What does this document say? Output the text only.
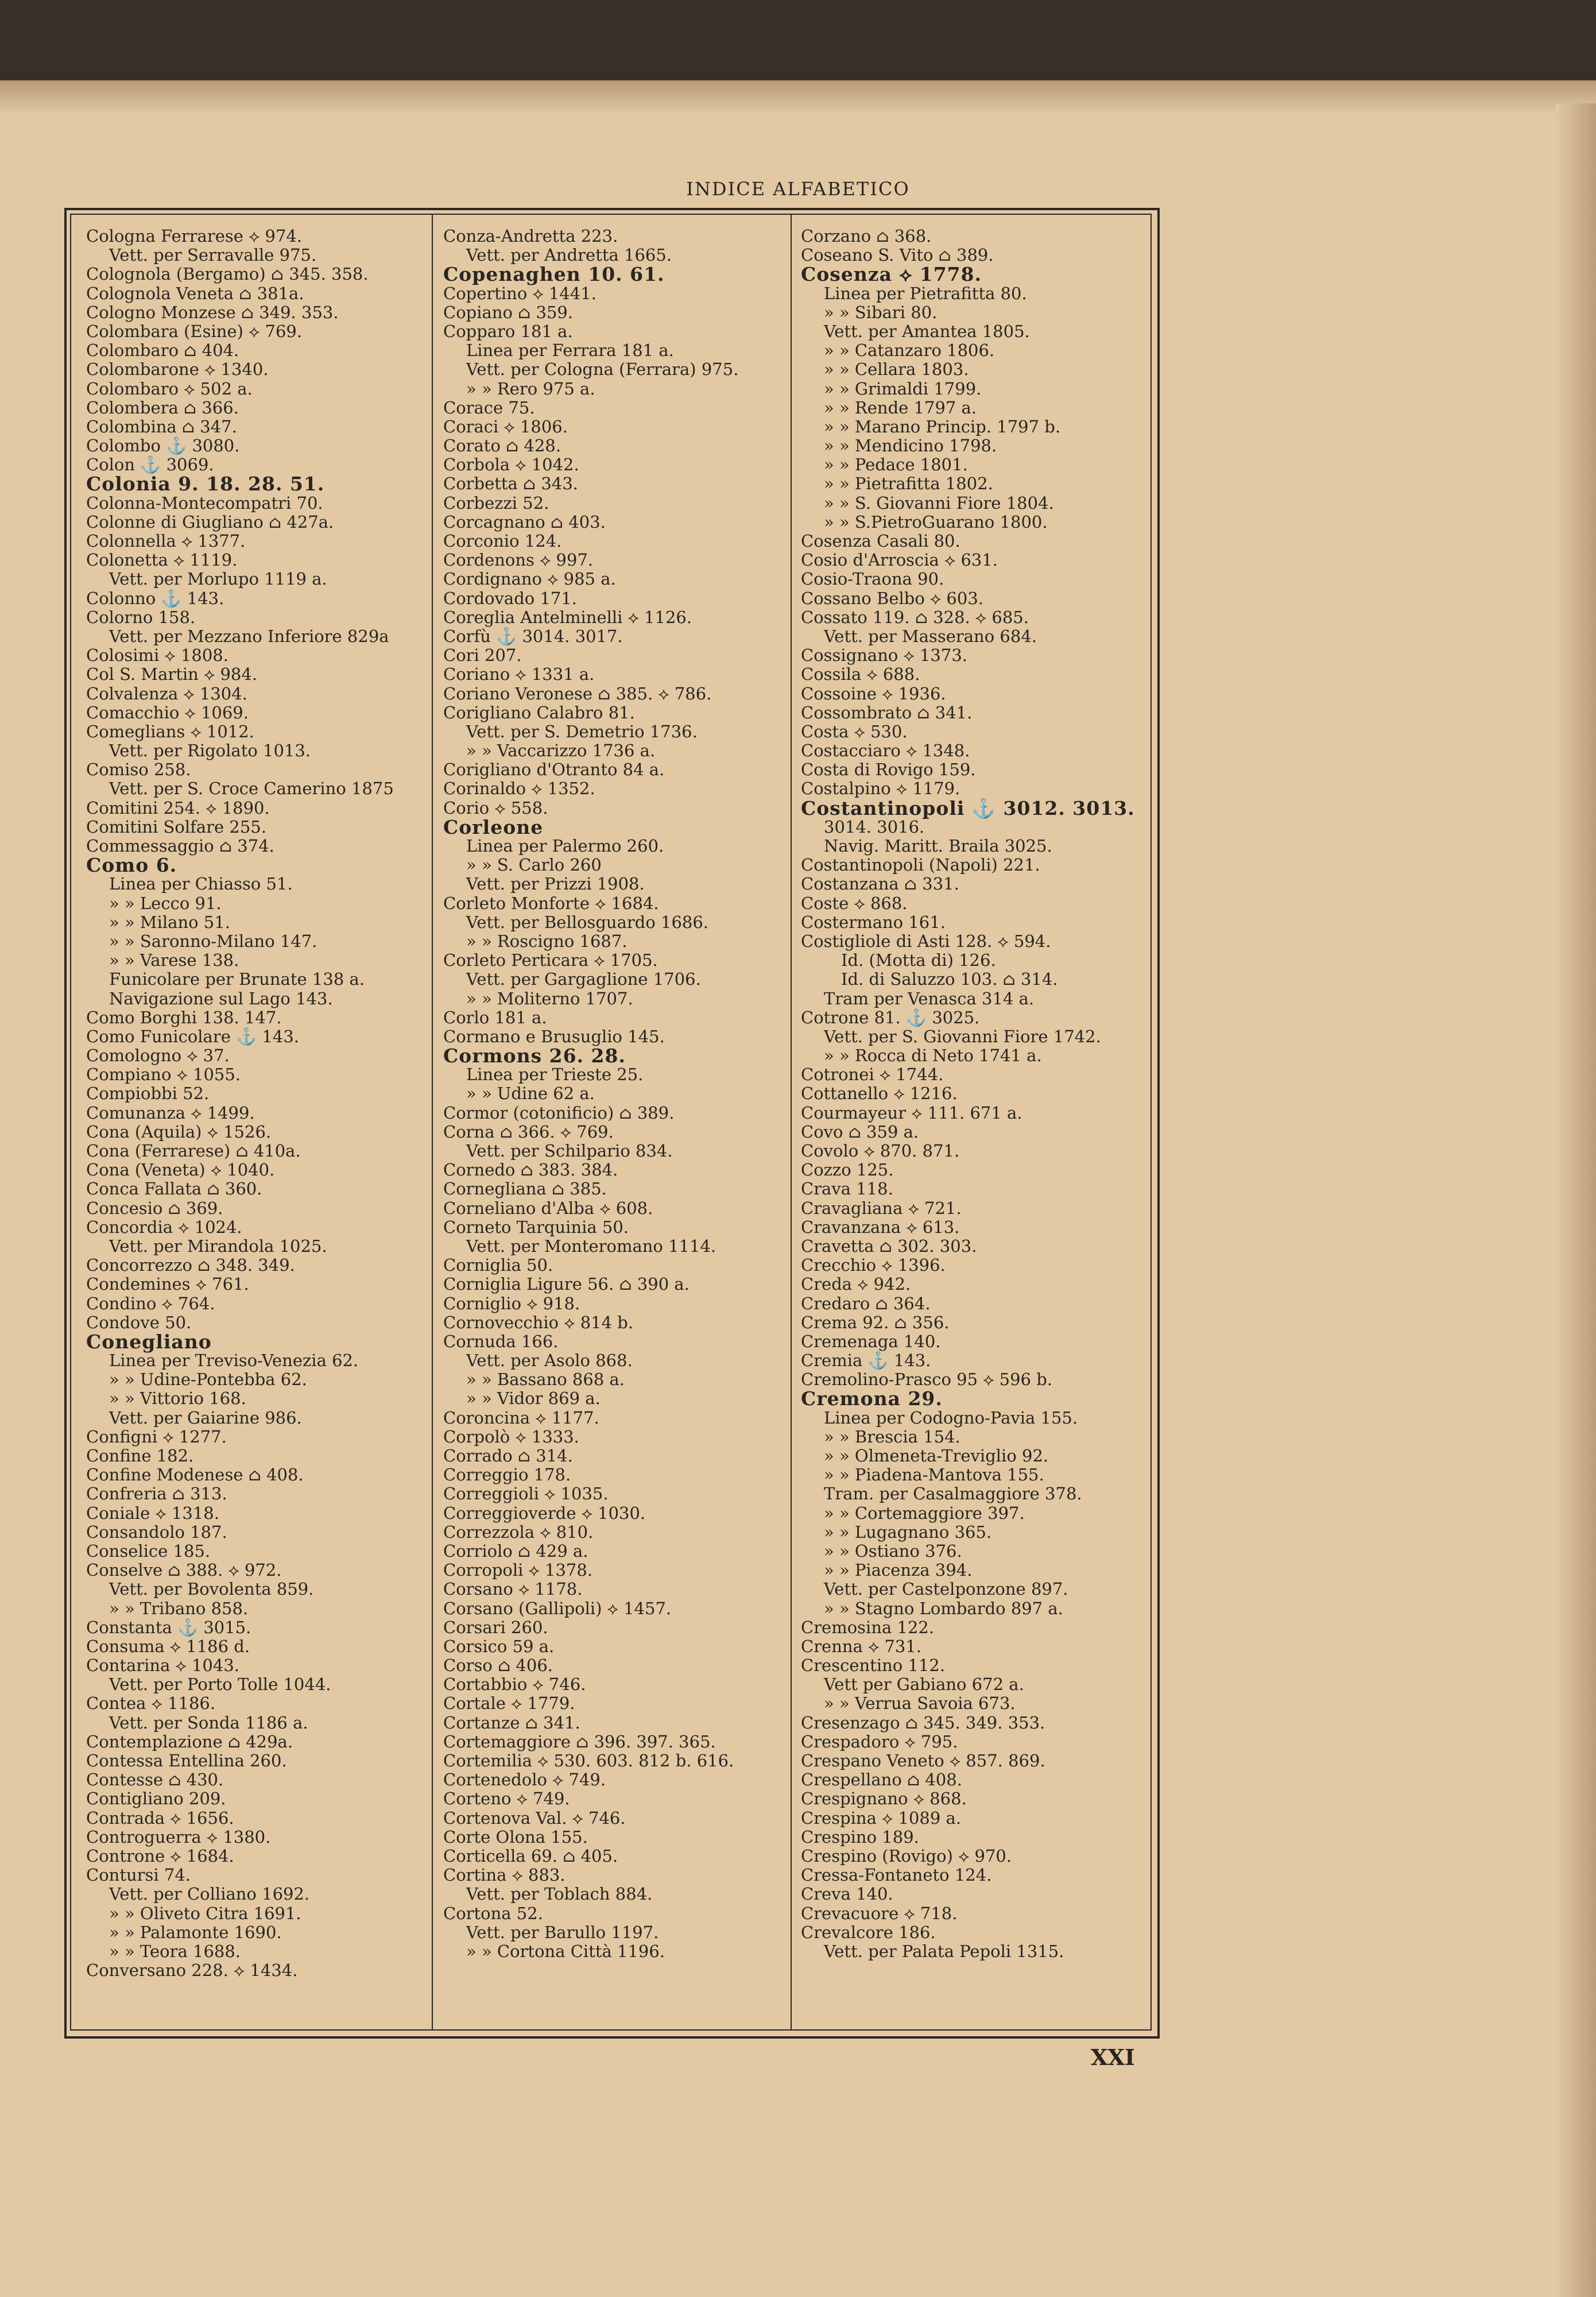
INDICE ALFABETICO
Cologna Ferrarese ⟡ 974.
Vett. per Serravalle 975.
Colognola (Bergamo) ⌂ 345. 358.
Colognola Veneta ⌂ 381a.
Cologno Monzese ⌂ 349. 353.
Colombara (Esine) ⟡ 769.
Colombaro ⌂ 404.
Colombarone ⟡ 1340.
Colombaro ⟡ 502 a.
Colombera ⌂ 366.
Colombina ⌂ 347.
Colombo ⚓ 3080.
Colon ⚓ 3069.
Colonia 9. 18. 28. 51.
Colonna-Montecompatri 70.
Colonne di Giugliano ⌂ 427a.
Colonnella ⟡ 1377.
Colonetta ⟡ 1119.
Vett. per Morlupo 1119 a.
Colonno ⚓ 143.
Colorno 158.
Vett. per Mezzano Inferiore 829a
Colosimi ⟡ 1808.
Col S. Martin ⟡ 984.
Colvalenza ⟡ 1304.
Comacchio ⟡ 1069.
Comeglians ⟡ 1012.
Vett. per Rigolato 1013.
Comiso 258.
Vett. per S. Croce Camerino 1875
Comitini 254. ⟡ 1890.
Comitini Solfare 255.
Commessaggio ⌂ 374.
Como 6.
Linea per Chiasso 51.
» » Lecco 91.
» » Milano 51.
» » Saronno-Milano 147.
» » Varese 138.
Funicolare per Brunate 138 a.
Navigazione sul Lago 143.
Como Borghi 138. 147.
Como Funicolare ⚓ 143.
Comologno ⟡ 37.
Compiano ⟡ 1055.
Compiobbi 52.
Comunanza ⟡ 1499.
Cona (Aquila) ⟡ 1526.
Cona (Ferrarese) ⌂ 410a.
Cona (Veneta) ⟡ 1040.
Conca Fallata ⌂ 360.
Concesio ⌂ 369.
Concordia ⟡ 1024.
Vett. per Mirandola 1025.
Concorrezzo ⌂ 348. 349.
Condemines ⟡ 761.
Condino ⟡ 764.
Condove 50.
Conegliano
Linea per Treviso-Venezia 62.
» » Udine-Pontebba 62.
» » Vittorio 168.
Vett. per Gaiarine 986.
Configni ⟡ 1277.
Confine 182.
Confine Modenese ⌂ 408.
Confreria ⌂ 313.
Coniale ⟡ 1318.
Consandolo 187.
Conselice 185.
Conselve ⌂ 388. ⟡ 972.
Vett. per Bovolenta 859.
» » Tribano 858.
Constanta ⚓ 3015.
Consuma ⟡ 1186 d.
Contarina ⟡ 1043.
Vett. per Porto Tolle 1044.
Contea ⟡ 1186.
Vett. per Sonda 1186 a.
Contemplazione ⌂ 429a.
Contessa Entellina 260.
Contesse ⌂ 430.
Contigliano 209.
Contrada ⟡ 1656.
Controguerra ⟡ 1380.
Controne ⟡ 1684.
Contursi 74.
Vett. per Colliano 1692.
» » Oliveto Citra 1691.
» » Palamonte 1690.
» » Teora 1688.
Conversano 228. ⟡ 1434.
Conza-Andretta 223.
Vett. per Andretta 1665.
Copenaghen 10. 61.
Copertino ⟡ 1441.
Copiano ⌂ 359.
Copparo 181 a.
Linea per Ferrara 181 a.
Vett. per Cologna (Ferrara) 975.
» » Rero 975 a.
Corace 75.
Coraci ⟡ 1806.
Corato ⌂ 428.
Corbola ⟡ 1042.
Corbetta ⌂ 343.
Corbezzi 52.
Corcagnano ⌂ 403.
Corconio 124.
Cordenons ⟡ 997.
Cordignano ⟡ 985 a.
Cordovado 171.
Coreglia Antelminelli ⟡ 1126.
Corfù ⚓ 3014. 3017.
Cori 207.
Coriano ⟡ 1331 a.
Coriano Veronese ⌂ 385. ⟡ 786.
Corigliano Calabro 81.
Vett. per S. Demetrio 1736.
» » Vaccarizzo 1736 a.
Corigliano d'Otranto 84 a.
Corinaldo ⟡ 1352.
Corio ⟡ 558.
Corleone
Linea per Palermo 260.
» » S. Carlo 260
Vett. per Prizzi 1908.
Corleto Monforte ⟡ 1684.
Vett. per Bellosguardo 1686.
» » Roscigno 1687.
Corleto Perticara ⟡ 1705.
Vett. per Gargaglione 1706.
» » Moliterno 1707.
Corlo 181 a.
Cormano e Brusuglio 145.
Cormons 26. 28.
Linea per Trieste 25.
» » Udine 62 a.
Cormor (cotonificio) ⌂ 389.
Corna ⌂ 366. ⟡ 769.
Vett. per Schilpario 834.
Cornedo ⌂ 383. 384.
Cornegliana ⌂ 385.
Corneliano d'Alba ⟡ 608.
Corneto Tarquinia 50.
Vett. per Monteromano 1114.
Corniglia 50.
Corniglia Ligure 56. ⌂ 390 a.
Corniglio ⟡ 918.
Cornovecchio ⟡ 814 b.
Cornuda 166.
Vett. per Asolo 868.
» » Bassano 868 a.
» » Vidor 869 a.
Coroncina ⟡ 1177.
Corpolò ⟡ 1333.
Corrado ⌂ 314.
Correggio 178.
Correggioli ⟡ 1035.
Correggioverde ⟡ 1030.
Correzzola ⟡ 810.
Corriolo ⌂ 429 a.
Corropoli ⟡ 1378.
Corsano ⟡ 1178.
Corsano (Gallipoli) ⟡ 1457.
Corsari 260.
Corsico 59 a.
Corso ⌂ 406.
Cortabbio ⟡ 746.
Cortale ⟡ 1779.
Cortanze ⌂ 341.
Cortemaggiore ⌂ 396. 397. 365.
Cortemilia ⟡ 530. 603. 812 b. 616.
Cortenedolo ⟡ 749.
Corteno ⟡ 749.
Cortenova Val. ⟡ 746.
Corte Olona 155.
Corticella 69. ⌂ 405.
Cortina ⟡ 883.
Vett. per Toblach 884.
Cortona 52.
Vett. per Barullo 1197.
» » Cortona Città 1196.
Corzano ⌂ 368.
Coseano S. Vito ⌂ 389.
Cosenza ⟡ 1778.
Linea per Pietrafitta 80.
» » Sibari 80.
Vett. per Amantea 1805.
» » Catanzaro 1806.
» » Cellara 1803.
» » Grimaldi 1799.
» » Rende 1797 a.
» » Marano Princip. 1797 b.
» » Mendicino 1798.
» » Pedace 1801.
» » Pietrafitta 1802.
» » S. Giovanni Fiore 1804.
» » S.PietroGuarano 1800.
Cosenza Casali 80.
Cosio d'Arroscia ⟡ 631.
Cosio-Traona 90.
Cossano Belbo ⟡ 603.
Cossato 119. ⌂ 328. ⟡ 685.
Vett. per Masserano 684.
Cossignano ⟡ 1373.
Cossila ⟡ 688.
Cossoine ⟡ 1936.
Cossombrato ⌂ 341.
Costa ⟡ 530.
Costacciaro ⟡ 1348.
Costa di Rovigo 159.
Costalpino ⟡ 1179.
Costantinopoli ⚓ 3012. 3013.
3014. 3016.
Navig. Maritt. Braila 3025.
Costantinopoli (Napoli) 221.
Costanzana ⌂ 331.
Coste ⟡ 868.
Costermano 161.
Costigliole di Asti 128. ⟡ 594.
Id. (Motta di) 126.
Id. di Saluzzo 103. ⌂ 314.
Tram per Venasca 314 a.
Cotrone 81. ⚓ 3025.
Vett. per S. Giovanni Fiore 1742.
» » Rocca di Neto 1741 a.
Cotronei ⟡ 1744.
Cottanello ⟡ 1216.
Courmayeur ⟡ 111. 671 a.
Covo ⌂ 359 a.
Covolo ⟡ 870. 871.
Cozzo 125.
Crava 118.
Cravagliana ⟡ 721.
Cravanzana ⟡ 613.
Cravetta ⌂ 302. 303.
Crecchio ⟡ 1396.
Creda ⟡ 942.
Credaro ⌂ 364.
Crema 92. ⌂ 356.
Cremenaga 140.
Cremia ⚓ 143.
Cremolino-Prasco 95 ⟡ 596 b.
Cremona 29.
Linea per Codogno-Pavia 155.
» » Brescia 154.
» » Olmeneta-Treviglio 92.
» » Piadena-Mantova 155.
Tram. per Casalmaggiore 378.
» » Cortemaggiore 397.
» » Lugagnano 365.
» » Ostiano 376.
» » Piacenza 394.
Vett. per Castelponzone 897.
» » Stagno Lombardo 897 a.
Cremosina 122.
Crenna ⟡ 731.
Crescentino 112.
Vett per Gabiano 672 a.
» » Verrua Savoia 673.
Cresenzago ⌂ 345. 349. 353.
Crespadoro ⟡ 795.
Crespano Veneto ⟡ 857. 869.
Crespellano ⌂ 408.
Crespignano ⟡ 868.
Crespina ⟡ 1089 a.
Crespino 189.
Crespino (Rovigo) ⟡ 970.
Cressa-Fontaneto 124.
Creva 140.
Crevacuore ⟡ 718.
Crevalcore 186.
Vett. per Palata Pepoli 1315.
XXI
